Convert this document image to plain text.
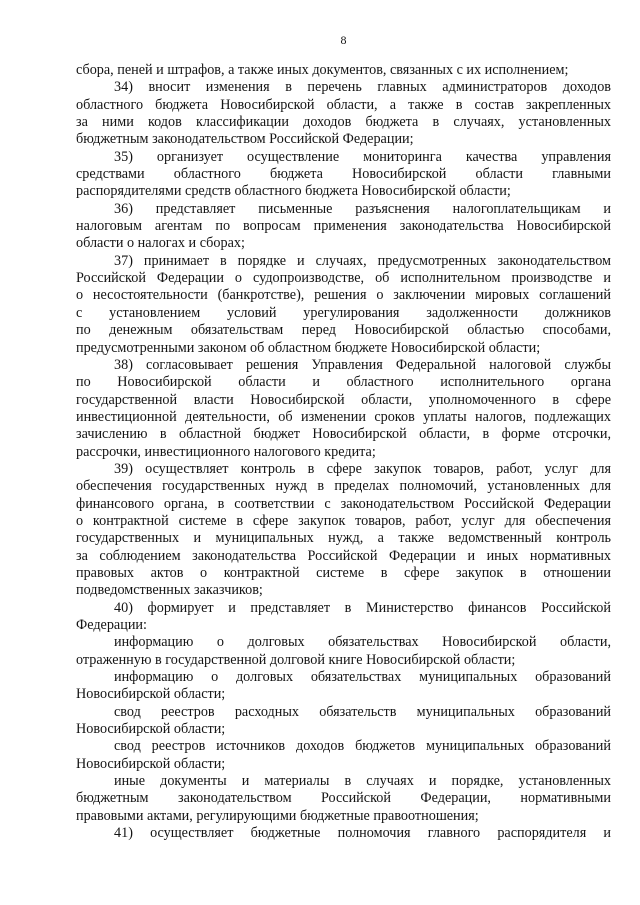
8
сбора, пеней и штрафов, а также иных документов, связанных с их исполнением;
34) вносит изменения в перечень главных администраторов доходов
областного бюджета Новосибирской области, а также в состав закрепленных
за ними кодов классификации доходов бюджета в случаях, установленных
бюджетным законодательством Российской Федерации;
35) организует осуществление мониторинга качества управления
средствами областного бюджета Новосибирской области главными
распорядителями средств областного бюджета Новосибирской области;
36) представляет письменные разъяснения налогоплательщикам и
налоговым агентам по вопросам применения законодательства Новосибирской
области о налогах и сборах;
37) принимает в порядке и случаях, предусмотренных законодательством
Российской Федерации о судопроизводстве, об исполнительном производстве и
о несостоятельности (банкротстве), решения о заключении мировых соглашений
с установлением условий урегулирования задолженности должников
по денежным обязательствам перед Новосибирской областью способами,
предусмотренными законом об областном бюджете Новосибирской области;
38) согласовывает решения Управления Федеральной налоговой службы
по Новосибирской области и областного исполнительного органа
государственной власти Новосибирской области, уполномоченного в сфере
инвестиционной деятельности, об изменении сроков уплаты налогов, подлежащих
зачислению в областной бюджет Новосибирской области, в форме отсрочки,
рассрочки, инвестиционного налогового кредита;
39) осуществляет контроль в сфере закупок товаров, работ, услуг для
обеспечения государственных нужд в пределах полномочий, установленных для
финансового органа, в соответствии с законодательством Российской Федерации
о контрактной системе в сфере закупок товаров, работ, услуг для обеспечения
государственных и муниципальных нужд, а также ведомственный контроль
за соблюдением законодательства Российской Федерации и иных нормативных
правовых актов о контрактной системе в сфере закупок в отношении
подведомственных заказчиков;
40) формирует и представляет в Министерство финансов Российской
Федерации:
информацию о долговых обязательствах Новосибирской области,
отраженную в государственной долговой книге Новосибирской области;
информацию о долговых обязательствах муниципальных образований
Новосибирской области;
свод реестров расходных обязательств муниципальных образований
Новосибирской области;
свод реестров источников доходов бюджетов муниципальных образований
Новосибирской области;
иные документы и материалы в случаях и порядке, установленных
бюджетным законодательством Российской Федерации, нормативными
правовыми актами, регулирующими бюджетные правоотношения;
41) осуществляет бюджетные полномочия главного распорядителя и
